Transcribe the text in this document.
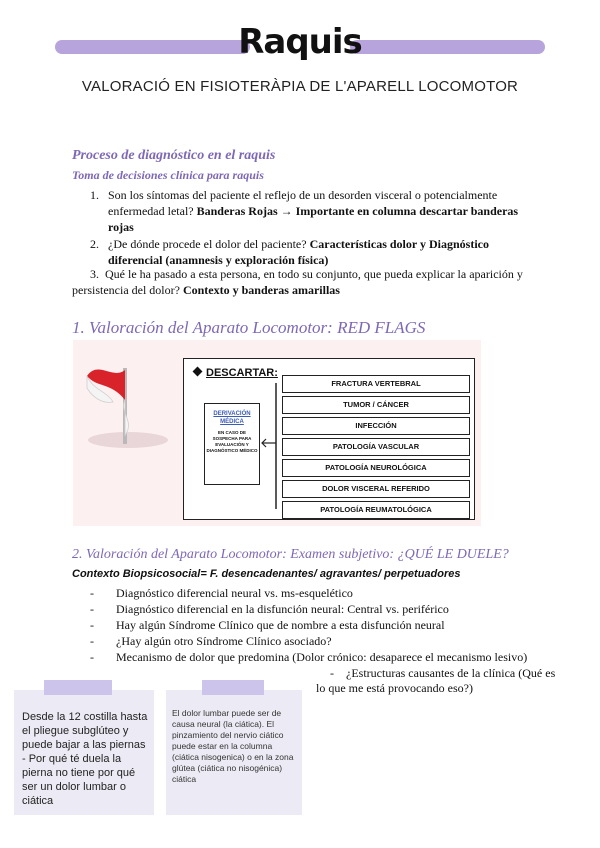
Raquis
VALORACIÓ EN FISIOTERÀPIA DE L'APARELL LOCOMOTOR
Proceso de diagnóstico en el raquis
Toma de decisiones clínica para raquis
1. Son los síntomas del paciente el reflejo de un desorden visceral o potencialmente enfermedad letal? Banderas Rojas → Importante en columna descartar banderas rojas
2. ¿De dónde procede el dolor del paciente? Características dolor y Diagnóstico diferencial (anamnesis y exploración física)
3. Qué le ha pasado a esta persona, en todo su conjunto, que pueda explicar la aparición y persistencia del dolor? Contexto y banderas amarillas
1. Valoración del Aparato Locomotor: RED FLAGS
DESCARTAR:
DERIVACIÓN MÉDICA
EN CASO DE SOSPECHA PARA EVALUACIÓN Y DIAGNÓSTICO MÉDICO
FRACTURA VERTEBRAL
TUMOR / CÁNCER
INFECCIÓN
PATOLOGÍA VASCULAR
PATOLOGÍA NEUROLÓGICA
DOLOR VISCERAL REFERIDO
PATOLOGÍA REUMATOLÓGICA
2. Valoración del Aparato Locomotor: Examen subjetivo: ¿QUÉ LE DUELE?
Contexto Biopsicosocial= F. desencadenantes/ agravantes/ perpetuadores
-	Diagnóstico diferencial neural vs. ms-esquelético
-	Diagnóstico diferencial en la disfunción neural: Central vs. periférico
-	Hay algún Síndrome Clínico que de nombre a esta disfunción neural
-	¿Hay algún otro Síndrome Clínico asociado?
-	Mecanismo de dolor que predomina (Dolor crónico: desaparece el mecanismo lesivo)
-    ¿Estructuras causantes de la clínica (Qué es lo que me está provocando eso?)
Desde la 12 costilla hasta el pliegue subglúteo y puede bajar a las piernas - Por qué té duela la pierna no tiene por qué ser un dolor lumbar o ciática
El dolor lumbar puede ser de causa neural (la ciática). El pinzamiento del nervio ciático puede estar en la columna (ciática nisogenica) o en la zona glútea (ciática no nisogénica) ciática
